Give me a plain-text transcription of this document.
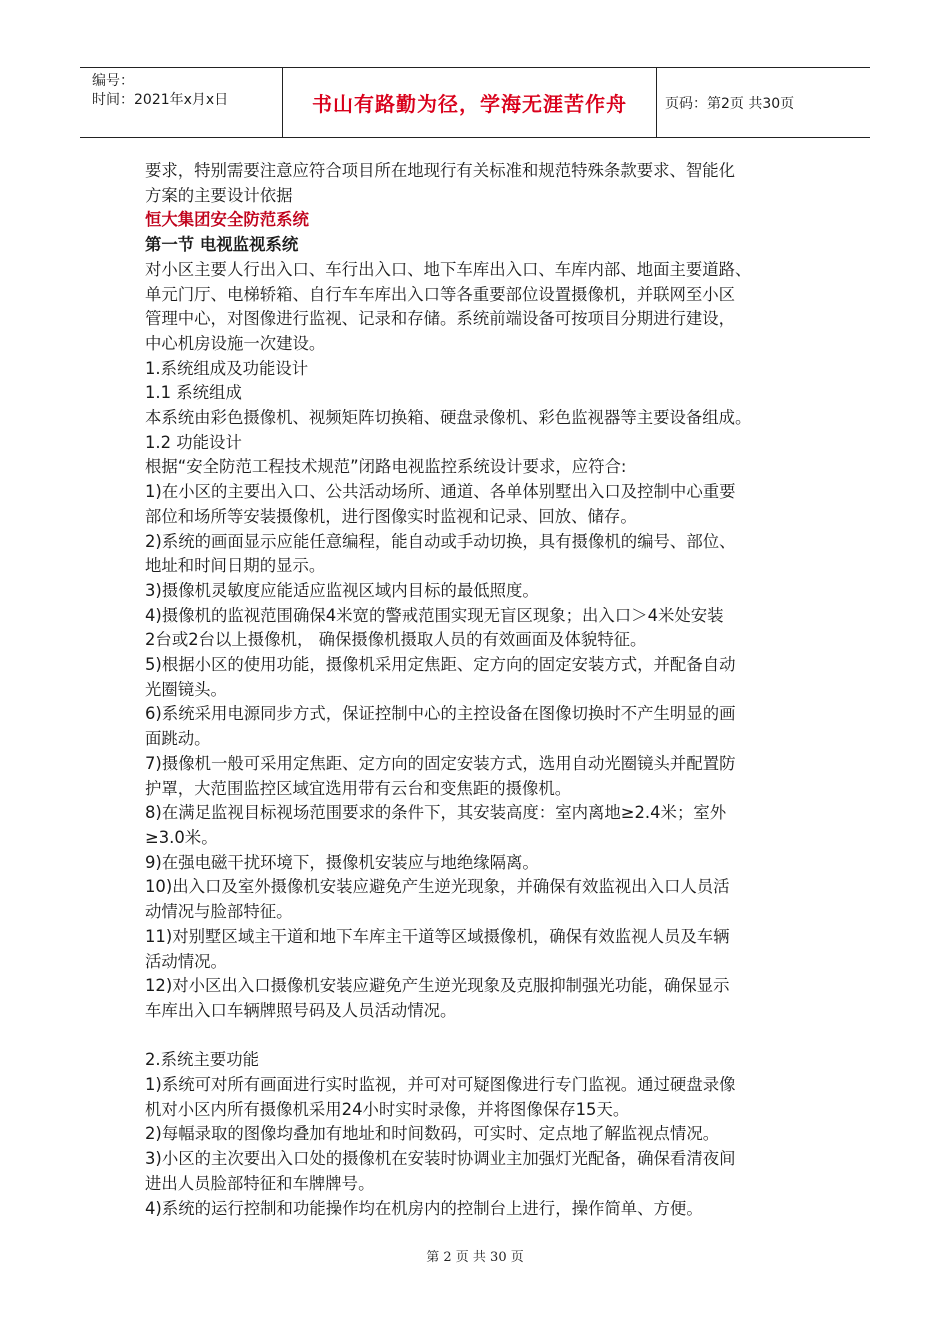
编号：
时间：2021年x月x日	书山有路勤为径，学海无涯苦作舟	页码：第2页 共30页

要求，特别需要注意应符合项目所在地现行有关标准和规范特殊条款要求、智能化

方案的主要设计依据

恒大集团安全防范系统

第一节 电视监视系统

对小区主要人行出入口、车行出入口、地下车库出入口、车库内部、地面主要道路、

单元门厅、电梯轿箱、自行车车库出入口等各重要部位设置摄像机，并联网至小区

管理中心，对图像进行监视、记录和存储。系统前端设备可按项目分期进行建设，

中心机房设施一次建设。

1.系统组成及功能设计

1.1 系统组成

本系统由彩色摄像机、视频矩阵切换箱、硬盘录像机、彩色监视器等主要设备组成。

1.2 功能设计

根据“安全防范工程技术规范”闭路电视监控系统设计要求，应符合:

1)在小区的主要出入口、公共活动场所、通道、各单体别墅出入口及控制中心重要

部位和场所等安装摄像机，进行图像实时监视和记录、回放、储存。

2)系统的画面显示应能任意编程，能自动或手动切换，具有摄像机的编号、部位、

地址和时间日期的显示。

3)摄像机灵敏度应能适应监视区域内目标的最低照度。

4)摄像机的监视范围确保4米宽的警戒范围实现无盲区现象；出入口＞4米处安装

2台或2台以上摄像机， 确保摄像机摄取人员的有效画面及体貌特征。

5)根据小区的使用功能，摄像机采用定焦距、定方向的固定安装方式，并配备自动

光圈镜头。

6)系统采用电源同步方式，保证控制中心的主控设备在图像切换时不产生明显的画

面跳动。

7)摄像机一般可采用定焦距、定方向的固定安装方式，选用自动光圈镜头并配置防

护罩，大范围监控区域宜选用带有云台和变焦距的摄像机。

8)在满足监视目标视场范围要求的条件下，其安装高度：室内离地≥2.4米；室外

≥3.0米。

9)在强电磁干扰环境下，摄像机安装应与地绝缘隔离。

10)出入口及室外摄像机安装应避免产生逆光现象，并确保有效监视出入口人员活

动情况与脸部特征。

11)对别墅区域主干道和地下车库主干道等区域摄像机，确保有效监视人员及车辆

活动情况。

12)对小区出入口摄像机安装应避免产生逆光现象及克服抑制强光功能，确保显示

车库出入口车辆牌照号码及人员活动情况。

2.系统主要功能

1)系统可对所有画面进行实时监视，并可对可疑图像进行专门监视。通过硬盘录像

机对小区内所有摄像机采用24小时实时录像，并将图像保存15天。

2)每幅录取的图像均叠加有地址和时间数码，可实时、定点地了解监视点情况。

3)小区的主次要出入口处的摄像机在安装时协调业主加强灯光配备，确保看清夜间

进出人员脸部特征和车牌牌号。

4)系统的运行控制和功能操作均在机房内的控制台上进行，操作简单、方便。

第 2 页 共 30 页
